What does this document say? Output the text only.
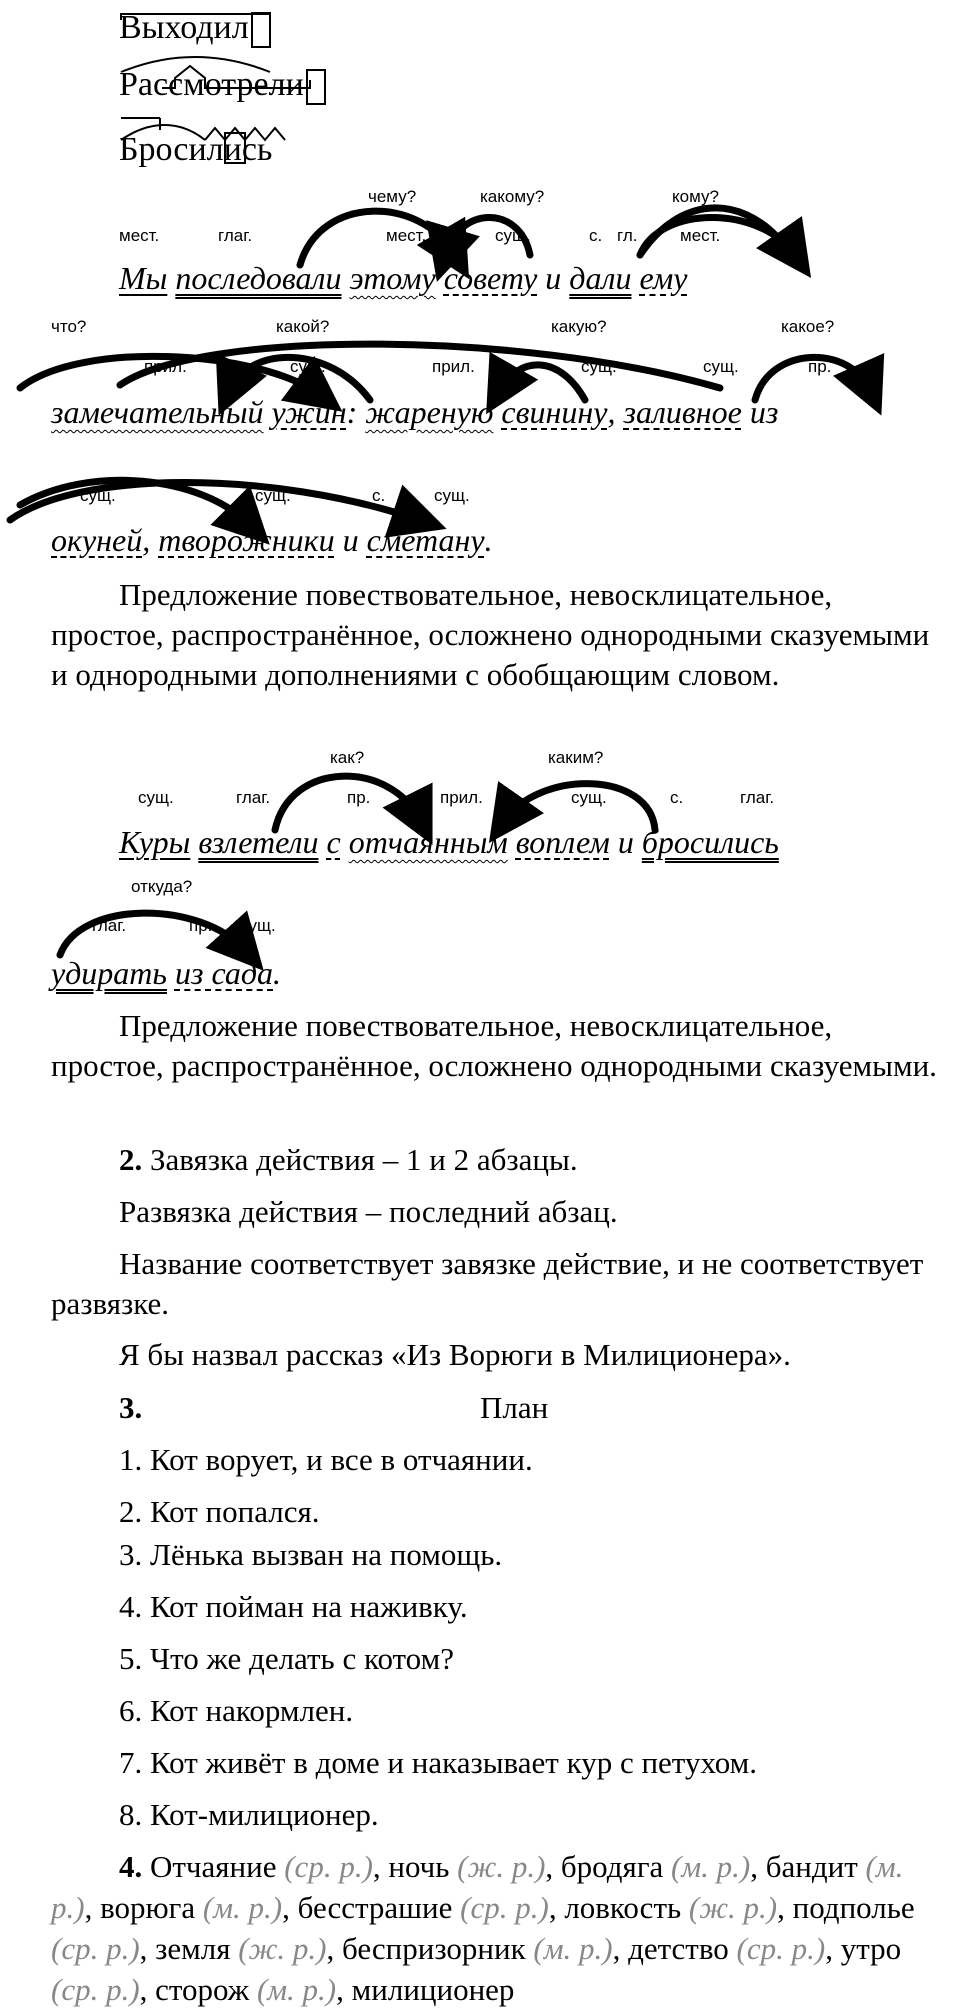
Выходил
Рассмотрели
Бросились
чему?	какому?	кому?
мест.	глаг.	мест.	сущ.	с. гл.	мест.
Мы последовали этому совету и дали ему
что?	какой?	какую?	какое?
прил.	сущ.	прил.	сущ.	сущ.	пр.
замечательный ужин: жареную свинину, заливное из
сущ.	сущ.	с.	сущ.
окуней, творожники и сметану.
Предложение повествовательное, невосклицательное, простое, распространённое, осложнено однородными сказуемыми и однородными дополнениями с обобщающим словом.
как?	каким?
сущ.	глаг.	пр.	прил.	сущ.	с.	глаг.
Куры взлетели с отчаянным воплем и бросились
откуда?
глаг.	пр. сущ.
удирать из сада.
Предложение повествовательное, невосклицательное, простое, распространённое, осложнено однородными сказуемыми.
2. Завязка действия – 1 и 2 абзацы.
Развязка действия – последний абзац.
Название соответствует завязке действие, и не соответствует развязке.
Я бы назвал рассказ «Из Ворюги в Милиционера».
3.	План
1. Кот ворует, и все в отчаянии.
2. Кот попался.
3. Лёнька вызван на помощь.
4. Кот пойман на наживку.
5. Что же делать с котом?
6. Кот накормлен.
7. Кот живёт в доме и наказывает кур с петухом.
8. Кот-милиционер.
4. Отчаяние (ср. р.), ночь (ж. р.), бродяга (м. р.), бандит (м. р.), ворюга (м. р.), бесстрашие (ср. р.), ловкость (ж. р.), подполье (ср. р.), земля (ж. р.), беспризорник (м. р.), детство (ср. р.), утро (ср. р.), сторож (м. р.), милиционер
